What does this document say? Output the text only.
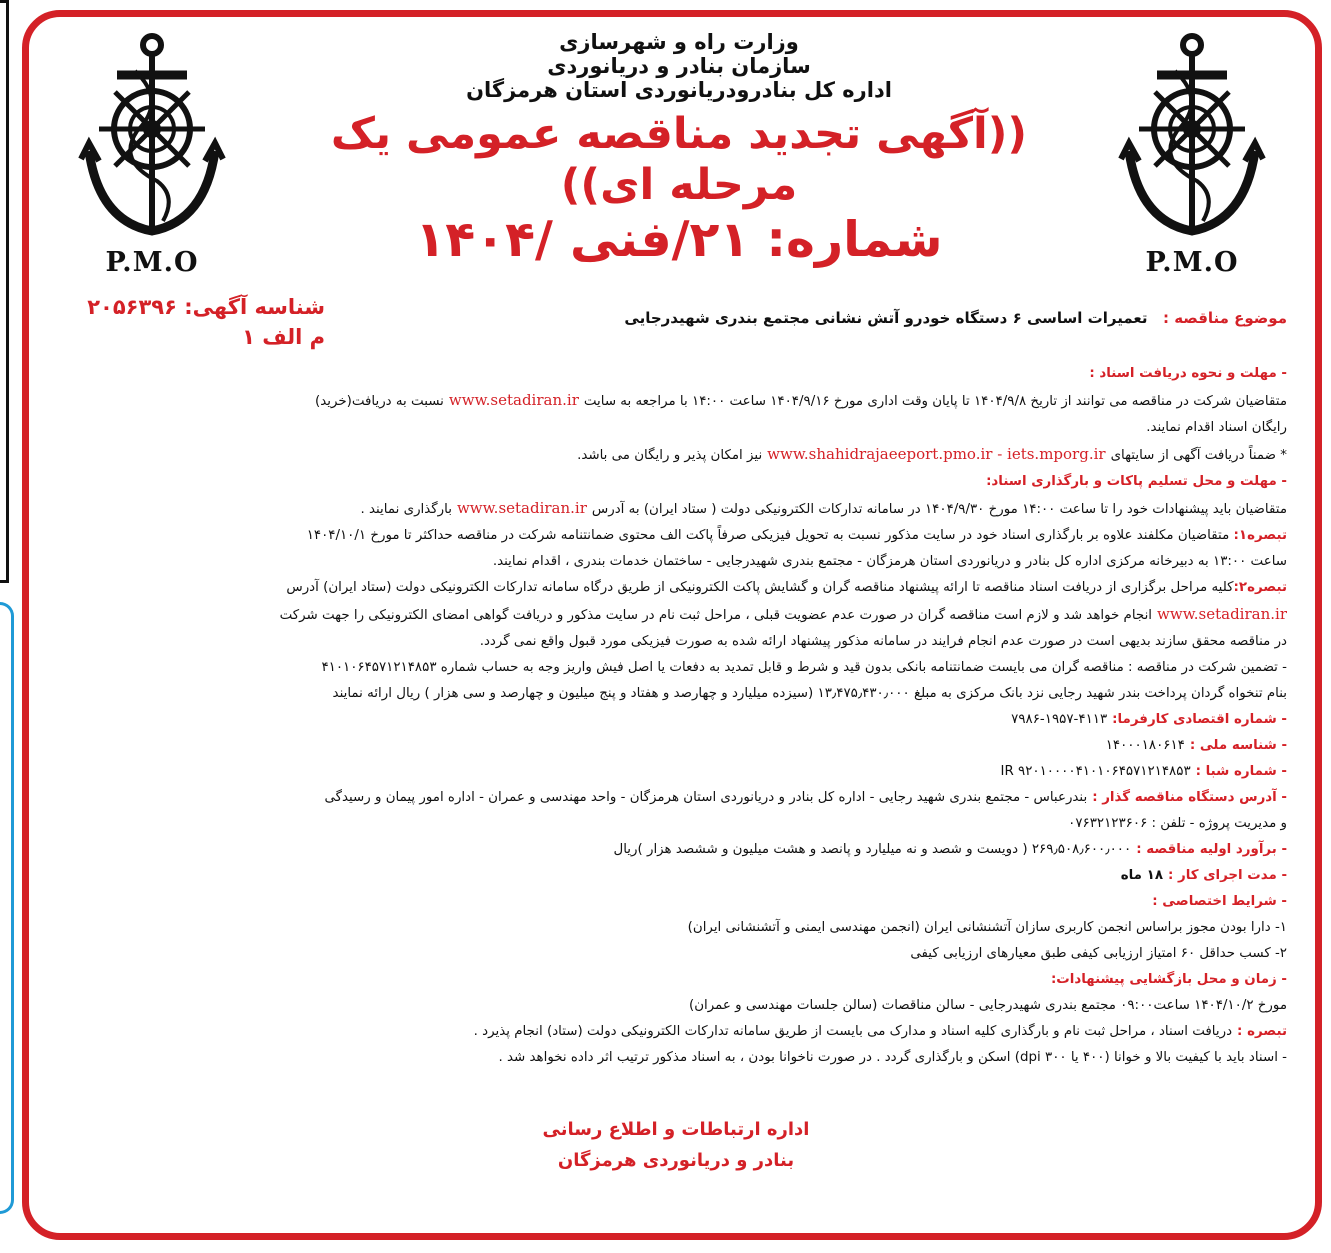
P.M.O	P.M.O
وزارت راه و شهرسازی
سازمان بنادر و دریانوردی
اداره کل بنادرودریانوردی استان هرمزگان
((آگهی تجدید مناقصه عمومی یک مرحله ای))
شماره: ۲۱/فنی /۱۴۰۴
شناسه آگهی: ۲۰۵۶۳۹۶
م الف ۱
موضوع مناقصه :  تعمیرات اساسی ۶ دستگاه خودرو آتش نشانی مجتمع بندری شهیدرجایی
- مهلت و نحوه دریافت اسناد :
متقاضیان شرکت در مناقصه می توانند از تاریخ ۱۴۰۴/۹/۸ تا پایان وقت اداری مورخ ۱۴۰۴/۹/۱۶ ساعت ۱۴:۰۰ با مراجعه به سایتwww.setadiran.irنسبت به دریافت(خرید)
رایگان اسناد اقدام نمایند.
* ضمناً دریافت آگهی از سایتهایwww.shahidrajaeeport.pmo.ir - iets.mporg.irنیز امکان پذیر و رایگان می باشد.
- مهلت و محل تسلیم پاکات و بارگذاری اسناد:
متقاضیان باید پیشنهادات خود را تا ساعت ۱۴:۰۰ مورخ ۱۴۰۴/۹/۳۰ در سامانه تدارکات الکترونیکی دولت ( ستاد ایران) به آدرسwww.setadiran.irبارگذاری نمایند .
تبصره۱: متقاضیان مکلفند علاوه بر بارگذاری اسناد خود در سایت مذکور نسبت به تحویل فیزیکی صرفاً پاکت الف محتوی ضمانتنامه شرکت در مناقصه حداکثر تا مورخ ۱۴۰۴/۱۰/۱
ساعت ۱۳:۰۰ به دبیرخانه مرکزی اداره کل بنادر و دریانوردی استان هرمزگان - مجتمع بندری شهیدرجایی - ساختمان خدمات بندری ، اقدام نمایند.
تبصره۲:کلیه مراحل برگزاری از دریافت اسناد مناقصه تا ارائه پیشنهاد مناقصه گران و گشایش پاکت الکترونیکی از طریق درگاه سامانه تدارکات الکترونیکی دولت (ستاد ایران) آدرس
www.setadiran.irانجام خواهد شد و لازم است مناقصه گران در صورت عدم عضویت قبلی ، مراحل ثبت نام در سایت مذکور و دریافت گواهی امضای الکترونیکی را جهت شرکت
در مناقصه محقق سازند بدیهی است در صورت عدم انجام فرایند در سامانه مذکور پیشنهاد ارائه شده به صورت فیزیکی مورد قبول واقع نمی گردد.
- تضمین شرکت در مناقصه : مناقصه گران می بایست ضمانتنامه بانکی بدون قید و شرط و قابل تمدید به دفعات یا اصل فیش واریز وجه به حساب شماره ۴۱۰۱۰۶۴۵۷۱۲۱۴۸۵۳
بنام تنخواه گردان پرداخت بندر شهید رجایی نزد بانک مرکزی به مبلغ ۱۳٫۴۷۵٫۴۳۰٫۰۰۰ (سیزده میلیارد و چهارصد و هفتاد و پنج میلیون و چهارصد و سی هزار ) ریال ارائه نمایند
- شماره اقتصادی کارفرما:۴۱۱۳-۱۹۵۷-۷۹۸۶
- شناسه ملی :۱۴۰۰۰۱۸۰۶۱۴
- شماره شبا :IR ۹۲۰۱۰۰۰۰۴۱۰۱۰۶۴۵۷۱۲۱۴۸۵۳
- آدرس دستگاه مناقصه گذار :بندرعباس - مجتمع بندری شهید رجایی - اداره کل بنادر و دریانوردی استان هرمزگان - واحد مهندسی و عمران - اداره امور پیمان و رسیدگی
و مدیریت پروژه - تلفن : ۰۷۶۳۲۱۲۳۶۰۶
- برآورد اولیه مناقصه :۲۶۹٫۵۰۸٫۶۰۰٫۰۰۰ ( دویست و شصد و نه میلیارد و پانصد و هشت میلیون و ششصد هزار )ریال
- مدت اجرای کار :۱۸ ماه
- شرایط اختصاصی :
۱- دارا بودن مجوز براساس انجمن کاربری سازان آتشنشانی ایران (انجمن مهندسی ایمنی و آتشنشانی ایران)
۲- کسب حداقل ۶۰ امتیاز ارزیابی کیفی طبق معیارهای ارزیابی کیفی
- زمان و محل بازگشایی پیشنهادات:
مورخ ۱۴۰۴/۱۰/۲ ساعت۰۹:۰۰ مجتمع بندری شهیدرجایی - سالن مناقصات (سالن جلسات مهندسی و عمران)
تبصره :دریافت اسناد ، مراحل ثبت نام و بارگذاری کلیه اسناد و مدارک می بایست از طریق سامانه تدارکات الکترونیکی دولت (ستاد) انجام پذیرد .
- اسناد باید با کیفیت بالا و خوانا (۴۰۰ یا ۳۰۰ dpi) اسکن و بارگذاری گردد . در صورت ناخوانا بودن ، به اسناد مذکور ترتیب اثر داده نخواهد شد .
اداره ارتباطات و اطلاع رسانی
بنادر و دریانوردی هرمزگان
